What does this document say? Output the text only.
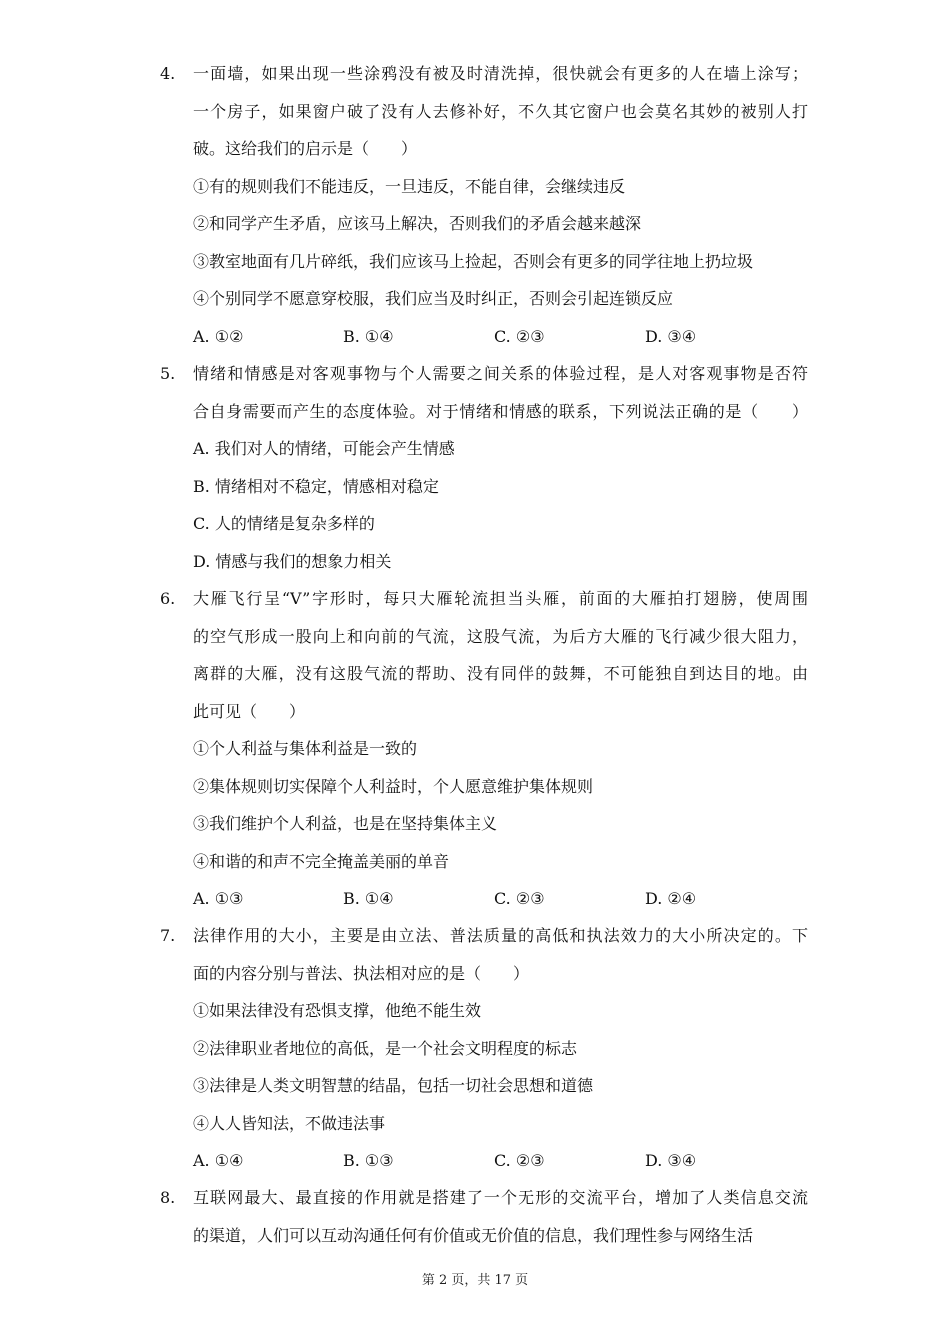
4.	一面墙，如果出现一些涂鸦没有被及时清洗掉，很快就会有更多的人在墙上涂写；
一个房子，如果窗户破了没有人去修补好，不久其它窗户也会莫名其妙的被别人打
破。这给我们的启示是（　　）
①有的规则我们不能违反，一旦违反，不能自律，会继续违反
②和同学产生矛盾，应该马上解决，否则我们的矛盾会越来越深
③教室地面有几片碎纸，我们应该马上捡起，否则会有更多的同学往地上扔垃圾
④个别同学不愿意穿校服，我们应当及时纠正，否则会引起连锁反应
A. ①②	B. ①④	C. ②③	D. ③④
5.	情绪和情感是对客观事物与个人需要之间关系的体验过程，是人对客观事物是否符
合自身需要而产生的态度体验。对于情绪和情感的联系，下列说法正确的是（　　）
A. 我们对人的情绪，可能会产生情感
B. 情绪相对不稳定，情感相对稳定
C. 人的情绪是复杂多样的
D. 情感与我们的想象力相关
6.	大雁飞行呈“V”字形时，每只大雁轮流担当头雁，前面的大雁拍打翅膀，使周围
的空气形成一股向上和向前的气流，这股气流，为后方大雁的飞行减少很大阻力，
离群的大雁，没有这股气流的帮助、没有同伴的鼓舞，不可能独自到达目的地。由
此可见（　　）
①个人利益与集体利益是一致的
②集体规则切实保障个人利益时，个人愿意维护集体规则
③我们维护个人利益，也是在坚持集体主义
④和谐的和声不完全掩盖美丽的单音
A. ①③	B. ①④	C. ②③	D. ②④
7.	法律作用的大小，主要是由立法、普法质量的高低和执法效力的大小所决定的。下
面的内容分别与普法、执法相对应的是（　　）
①如果法律没有恐惧支撑，他绝不能生效
②法律职业者地位的高低，是一个社会文明程度的标志
③法律是人类文明智慧的结晶，包括一切社会思想和道德
④人人皆知法，不做违法事
A. ①④	B. ①③	C. ②③	D. ③④
8.	互联网最大、最直接的作用就是搭建了一个无形的交流平台，增加了人类信息交流
的渠道，人们可以互动沟通任何有价值或无价值的信息，我们理性参与网络生活
第 2 页，共 17 页
